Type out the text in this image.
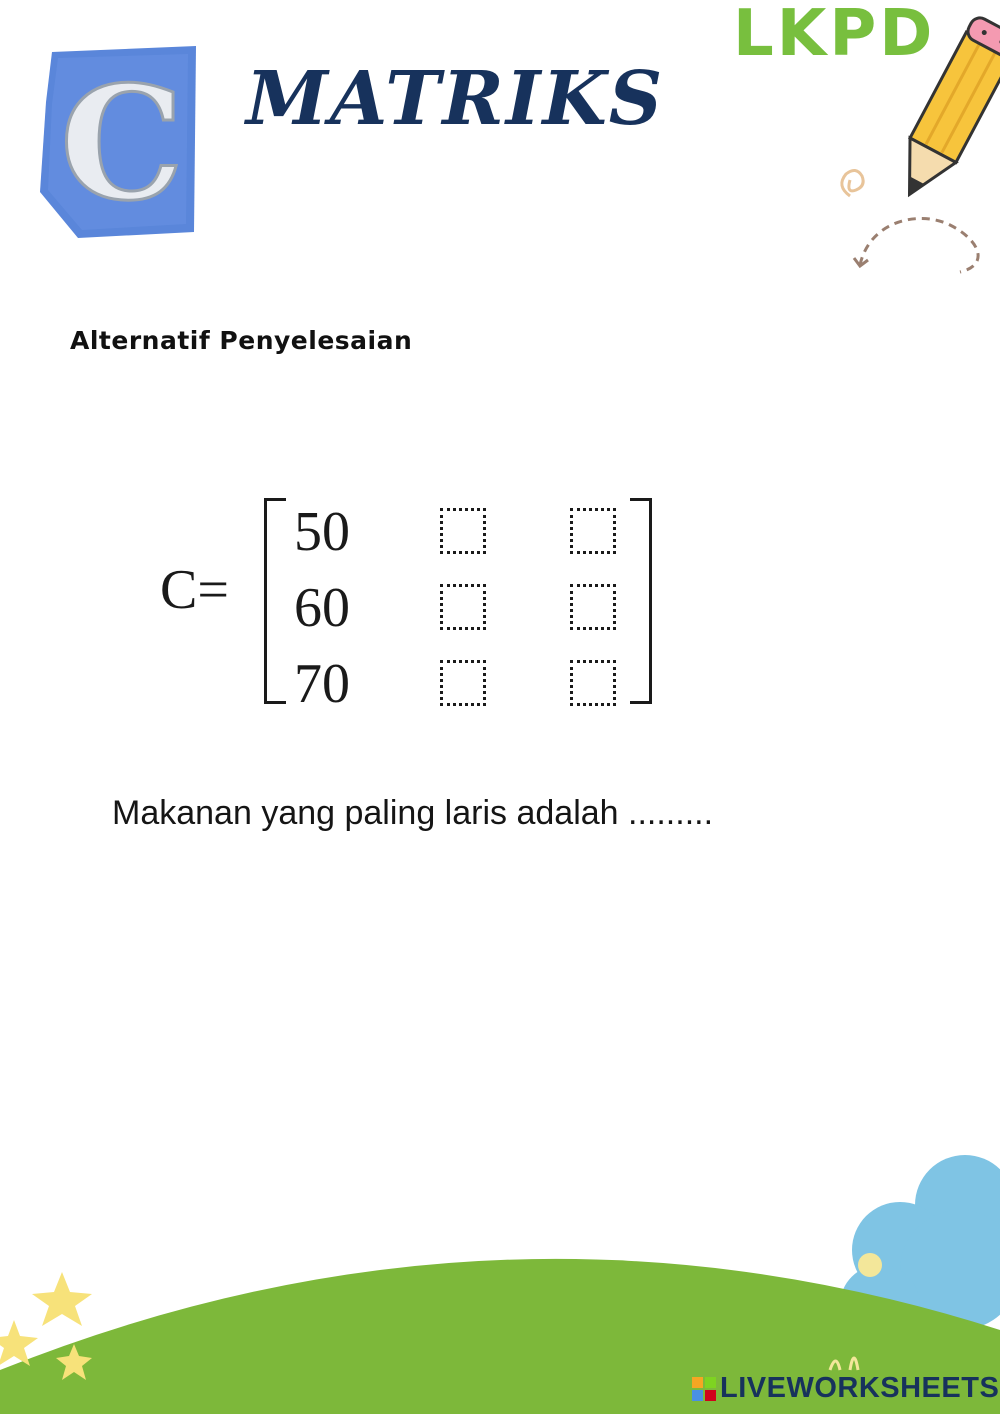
C MATRIKS
LKPD
Alternatif Penyelesaian
C=
50
60
70

Makanan yang paling laris adalah .........

LIVEWORKSHEETS
